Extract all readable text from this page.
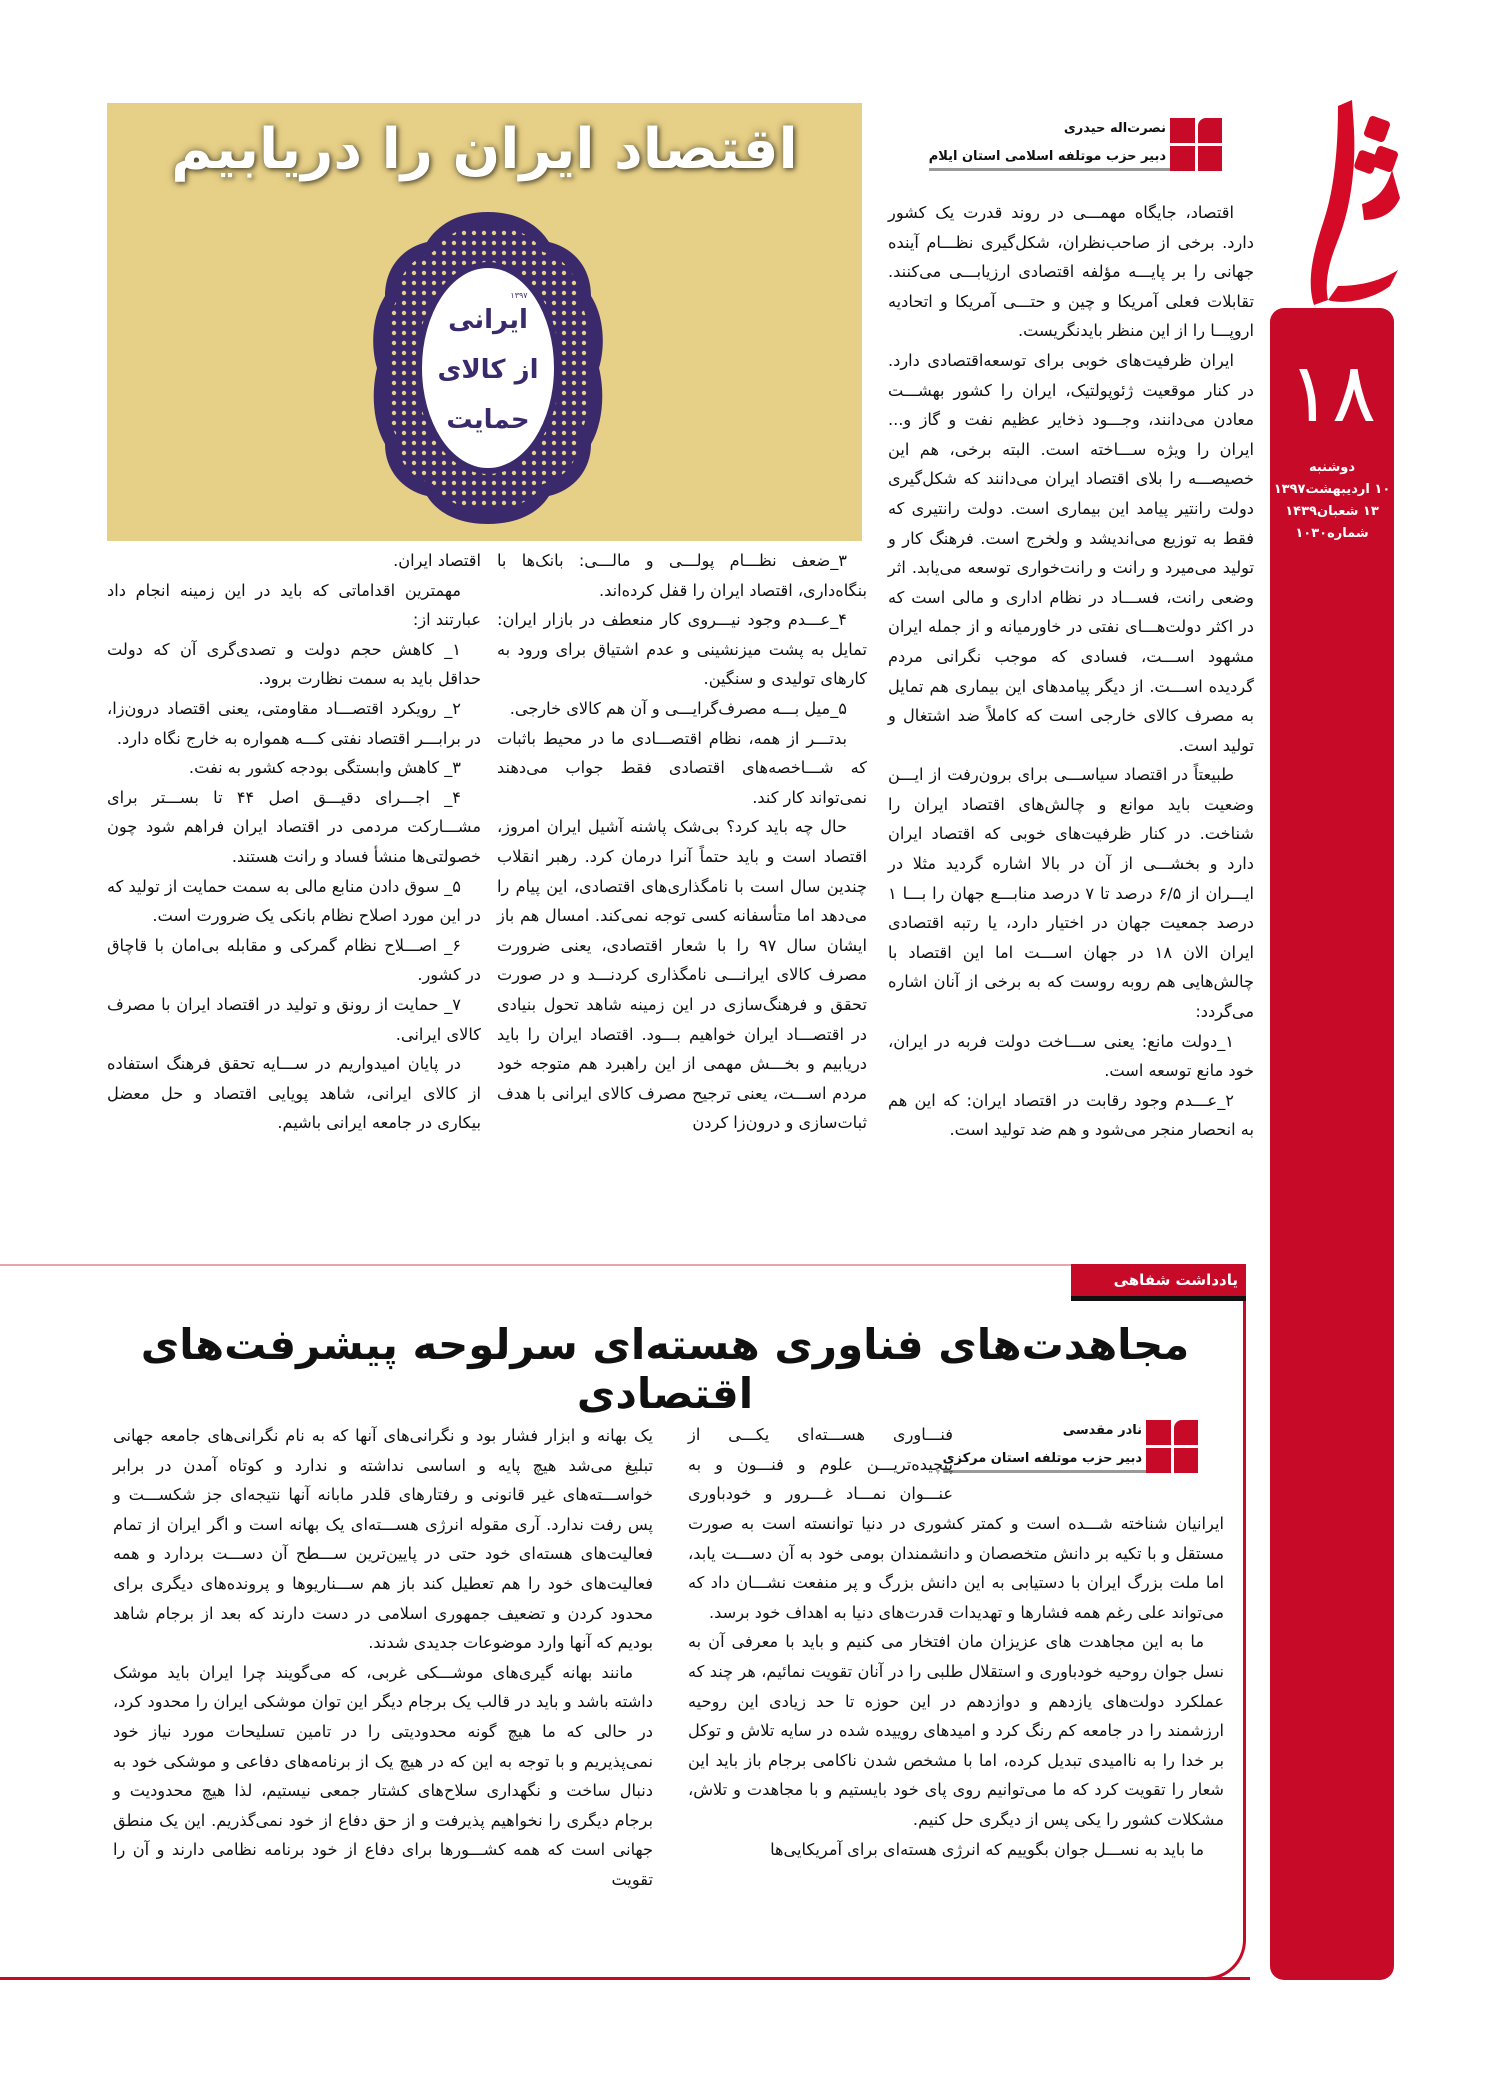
۱۸
دوشنبه
۱۰ اردیبهشت۱۳۹۷
۱۳ شعبان۱۴۳۹
شماره۱۰۳۰
نصرت‌اله حیدری
دبیر حزب موتلفه اسلامی استان ایلام
اقتصاد ایران را دریابیم
ایرانی
از کالای
حمایت
۱۳۹۷

اقتصاد، جایگاه مهمـــی در روند قدرت یک کشور دارد. برخی از صاحب‌نظران، شکل‌گیری نظـــام آینده جهانی را بر پایـــه مؤلفه اقتصادی ارزیابـــی می‌کنند. تقابلات فعلی آمریکا و چین و حتـــی آمریکا و اتحادیه اروپـــا را از این منظر بایدنگریست.

ایران ظرفیت‌های خوبی برای توسعه‌اقتصادی دارد. در کنار موقعیت ژئوپولتیک، ایران را کشور بهشـــت معادن می‌دانند، وجـــود ذخایر عظیم نفت و گاز و... ایران را ویژه ســـاخته است. البته برخی، هم این خصیصـــه را بلای اقتصاد ایران می‌دانند که شکل‌گیری دولت رانتیر پیامد این بیماری است. دولت رانتیری که فقط به توزیع می‌اندیشد و ولخرج است. فرهنگ کار و تولید می‌میرد و رانت و رانت‌خواری توسعه می‌یابد. اثر وضعی رانت، فســـاد در نظام اداری و مالی است که در اکثر دولت‌هـــای نفتی در خاورمیانه و از جمله ایران مشهود اســـت، فسادی که موجب نگرانی مردم گردیده اســـت. از دیگر پیامدهای این بیماری هم تمایل به مصرف کالای خارجی است که کاملاً ضد اشتغال و تولید است.

طبیعتاً در اقتصاد سیاســـی برای برون‌رفت از ایـــن وضعیت باید موانع و چالش‌های اقتصاد ایران را شناخت. در کنار ظرفیت‌های خوبی که اقتصاد ایران دارد و بخشـــی از آن در بالا اشاره گردید مثلا در ایـــران از ۶/۵ درصد تا ۷ درصد منابـــع جهان را بـــا ۱ درصد جمعیت جهان در اختیار دارد، یا رتبه اقتصادی ایران الان ۱۸ در جهان اســـت اما این اقتصاد با چالش‌هایی هم روبه روست که به برخی از آنان اشاره می‌گردد:

۱_دولت مانع: یعنی ســـاخت دولت فربه در ایران، خود مانع توسعه است.

۲_عـــدم وجود رقابت در اقتصاد ایران: که این هم به انحصار منجر می‌شود و هم ضد تولید است.

۳_ضعف نظـــام پولـــی و مالـــی: بانک‌ها با بنگاه‌داری، اقتصاد ایران را قفل کرده‌اند.

۴_عـــدم وجود نیـــروی کار منعطف در بازار ایران: تمایل به پشت میزنشینی و عدم اشتیاق برای ورود به کارهای تولیدی و سنگین.

۵_میل بـــه مصرف‌گرایـــی و آن هم کالای خارجی.

بدتـــر از همه، نظام اقتصـــادی ما در محیط باثبات که شـــاخصه‌های اقتصادی فقط جواب می‌دهند نمی‌تواند کار کند.

حال چه باید کرد؟ بی‌شک پاشنه آشیل ایران امروز، اقتصاد است و باید حتماً آنرا درمان کرد. رهبر انقلاب چندین سال است با نامگذاری‌های اقتصادی، این پیام را می‌دهد اما متأسفانه کسی توجه نمی‌کند. امسال هم باز ایشان سال ۹۷ را با شعار اقتصادی، یعنی ضرورت مصرف کالای ایرانـــی نامگذاری کردنـــد و در صورت تحقق و فرهنگ‌سازی در این زمینه شاهد تحول بنیادی در اقتصـــاد ایران خواهیم بـــود. اقتصاد ایران را باید دریابیم و بخـــش مهمی از این راهبرد هم متوجه خود مردم اســـت، یعنی ترجیح مصرف کالای ایرانی با هدف ثبات‌سازی و درون‌زا کردن

اقتصاد ایران.

مهمترین اقداماتی که باید در این زمینه انجام داد عبارتند از:

۱_ کاهش حجم دولت و تصدی‌گری آن که دولت حداقل باید به سمت نظارت برود.

۲_ رویکرد اقتصـــاد مقاومتی، یعنی اقتصاد درون‌زا، در برابـــر اقتصاد نفتی کـــه همواره به خارج نگاه دارد.

۳_ کاهش وابستگی بودجه کشور به نفت.

۴_ اجـــرای دقیـــق اصل ۴۴ تا بســـتر برای مشـــارکت مردمی در اقتصاد ایران فراهم شود چون خصولتی‌ها منشأ فساد و رانت هستند.

۵_ سوق دادن منابع مالی به سمت حمایت از تولید که در این مورد اصلاح نظام بانکی یک ضرورت است.

۶_ اصـــلاح نظام گمرکی و مقابله بی‌امان با قاچاق در کشور.

۷_ حمایت از رونق و تولید در اقتصاد ایران با مصرف کالای ایرانی.

در پایان امیدواریم در ســـایه تحقق فرهنگ استفاده از کالای ایرانی، شاهد پویایی اقتصاد و حل معضل بیکاری در جامعه ایرانی باشیم.

یادداشت شفاهی
مجاهدت‌های فناوری هسته‌ای سرلوحه پیشرفت‌های اقتصادی
نادر مقدسی
دبیر حزب موتلفه استان مرکزی
فنـــاوری هســـته‌ای یکـــی از پیچیده‌تریـــن علوم و فنـــون و به عنـــوان نمـــاد غـــرور و خودباوری

ایرانیان شناخته شـــده است و کمتر کشوری در دنیا توانسته است به صورت مستقل و با تکیه بر دانش متخصصان و دانشمندان بومی خود به آن دســـت یابد، اما ملت بزرگ ایران با دستیابی به این دانش بزرگ و پر منفعت نشـــان داد که می‌تواند علی رغم همه فشارها و تهدیدات قدرت‌های دنیا به اهداف خود برسد.

ما به این مجاهدت های عزیزان مان افتخار می کنیم و باید با معرفی آن به نسل جوان روحیه خودباوری و استقلال طلبی را در آنان تقویت نمائیم، هر چند که عملکرد دولت‌های یازدهم و دوازدهم در این حوزه تا حد زیادی این روحیه ارزشمند را در جامعه کم رنگ کرد و امیدهای روییده شده در سایه تلاش و توکل بر خدا را به ناامیدی تبدیل کرده، اما با مشخص شدن ناکامی برجام باز باید این شعار را تقویت کرد که ما می‌توانیم روی پای خود بایستیم و با مجاهدت و تلاش، مشکلات کشور را یکی پس از دیگری حل کنیم.

ما باید به نســـل جوان بگوییم که انرژی هسته‌ای برای آمریکایی‌ها

یک بهانه و ابزار فشار بود و نگرانی‌های آنها که به نام نگرانی‌های جامعه جهانی تبلیغ می‌شد هیچ پایه و اساسی نداشته و ندارد و کوتاه آمدن در برابر خواســـته‌های غیر قانونی و رفتارهای قلدر مابانه آنها نتیجه‌ای جز شکســـت و پس رفت ندارد. آری مقوله انرژی هســـته‌ای یک بهانه است و اگر ایران از تمام فعالیت‌های هسته‌ای خود حتی در پایین‌ترین ســـطح آن دســـت بردارد و همه فعالیت‌های خود را هم تعطیل کند باز هم ســـناریوها و پرونده‌های دیگری برای محدود کردن و تضعیف جمهوری اسلامی در دست دارند که بعد از برجام شاهد بودیم که آنها وارد موضوعات جدیدی شدند.

مانند بهانه گیری‌های موشـــکی غربی، که می‌گویند چرا ایران باید موشک داشته باشد و باید در قالب یک برجام دیگر این توان موشکی ایران را محدود کرد، در حالی که ما هیچ گونه محدودیتی را در تامین تسلیحات مورد نیاز خود نمی‌پذیریم و با توجه به این که در هیچ یک از برنامه‌های دفاعی و موشکی خود به دنبال ساخت و نگهداری سلاح‌های کشتار جمعی نیستیم، لذا هیچ محدودیت و برجام دیگری را نخواهیم پذیرفت و از حق دفاع از خود نمی‌گذریم. این یک منطق جهانی است که همه کشـــورها برای دفاع از خود برنامه نظامی دارند و آن را تقویت
